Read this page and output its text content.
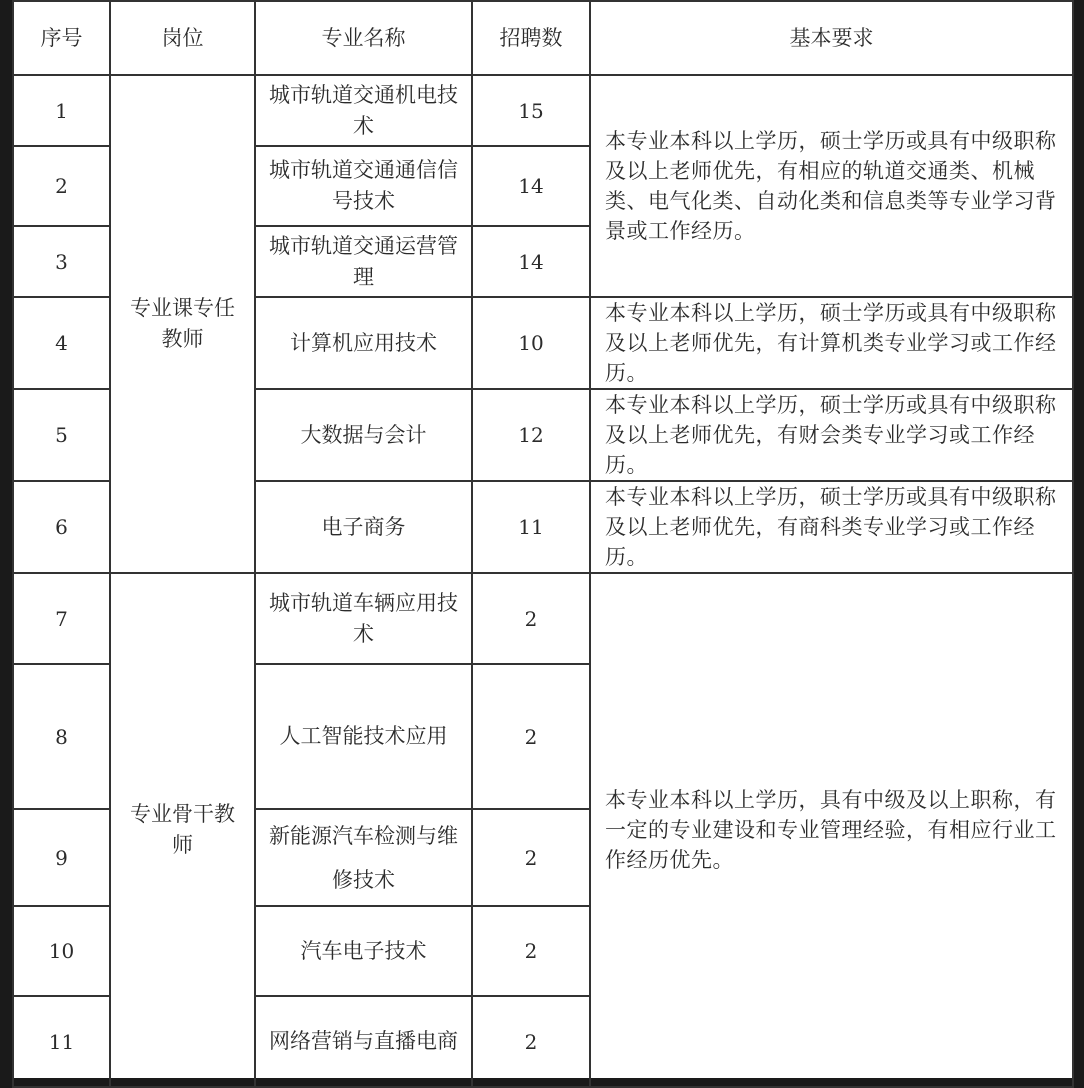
序号	岗位	专业名称	招聘数	基本要求
1	专业课专任教师	城市轨道交通机电技术	15	本专业本科以上学历，硕士学历或具有中级职称及以上老师优先，有相应的轨道交通类、机械类、电气化类、自动化类和信息类等专业学习背景或工作经历。
2		城市轨道交通通信信号技术	14	
3		城市轨道交通运营管理	14	
4		计算机应用技术	10	本专业本科以上学历，硕士学历或具有中级职称及以上老师优先，有计算机类专业学习或工作经历。
5		大数据与会计	12	本专业本科以上学历，硕士学历或具有中级职称及以上老师优先，有财会类专业学习或工作经历。
6		电子商务	11	本专业本科以上学历，硕士学历或具有中级职称及以上老师优先，有商科类专业学习或工作经历。
7	专业骨干教师	城市轨道车辆应用技术	2	本专业本科以上学历，具有中级及以上职称，有一定的专业建设和专业管理经验，有相应行业工作经历优先。
8		人工智能技术应用	2	
9		新能源汽车检测与维修技术	2	
10		汽车电子技术	2	
11		网络营销与直播电商	2	
